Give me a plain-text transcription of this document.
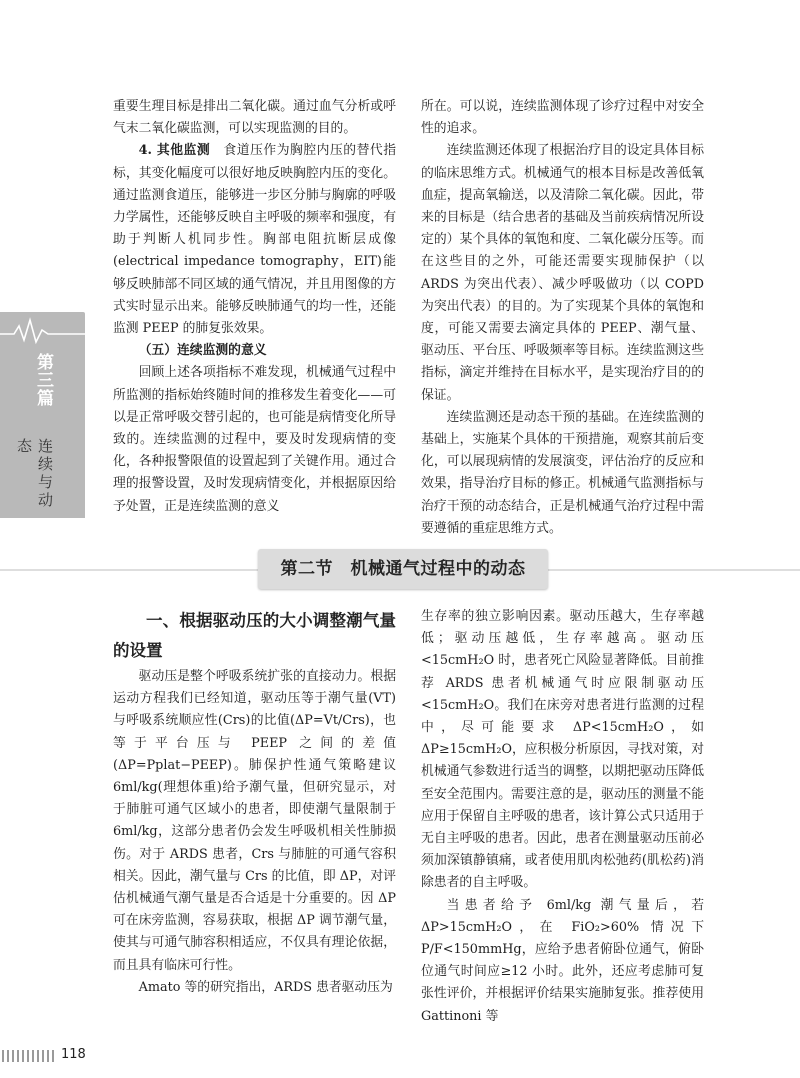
第三篇
连续与动态

重要生理目标是排出二氧化碳。通过血气分析或呼气末二氧化碳监测，可以实现监测的目的。

4. 其他监测　 食道压作为胸腔内压的替代指标，其变化幅度可以很好地反映胸腔内压的变化。通过监测食道压，能够进一步区分肺与胸廓的呼吸力学属性，还能够反映自主呼吸的频率和强度，有助于判断人机同步性。胸部电阻抗断层成像(electrical impedance tomography，EIT)能够反映肺部不同区域的通气情况，并且用图像的方式实时显示出来。能够反映肺通气的均一性，还能监测 PEEP 的肺复张效果。

（五）连续监测的意义

回顾上述各项指标不难发现，机械通气过程中所监测的指标始终随时间的推移发生着变化——可以是正常呼吸交替引起的，也可能是病情变化所导致的。连续监测的过程中，要及时发现病情的变化，各种报警限值的设置起到了关键作用。通过合理的报警设置，及时发现病情变化，并根据原因给予处置，正是连续监测的意义

所在。可以说，连续监测体现了诊疗过程中对安全性的追求。

连续监测还体现了根据治疗目的设定具体目标的临床思维方式。机械通气的根本目标是改善低氧血症，提高氧输送，以及清除二氧化碳。因此，带来的目标是（结合患者的基础及当前疾病情况所设定的）某个具体的氧饱和度、二氧化碳分压等。而在这些目的之外，可能还需要实现肺保护（以 ARDS 为突出代表）、减少呼吸做功（以 COPD 为突出代表）的目的。为了实现某个具体的氧饱和度，可能又需要去滴定具体的 PEEP、潮气量、驱动压、平台压、呼吸频率等目标。连续监测这些指标，滴定并维持在目标水平，是实现治疗目的的保证。

连续监测还是动态干预的基础。在连续监测的基础上，实施某个具体的干预措施，观察其前后变化，可以展现病情的发展演变，评估治疗的反应和效果，指导治疗目标的修正。机械通气监测指标与治疗干预的动态结合，正是机械通气治疗过程中需要遵循的重症思维方式。

第二节　机械通气过程中的动态

一、根据驱动压的大小调整潮气量的设置

驱动压是整个呼吸系统扩张的直接动力。根据运动方程我们已经知道，驱动压等于潮气量(VT)与呼吸系统顺应性(Crs)的比值(ΔP=Vt/Crs)，也等于平台压与 PEEP 之间的差值(ΔP=Pplat−PEEP)。肺保护性通气策略建议 6ml/kg(理想体重)给予潮气量，但研究显示，对于肺脏可通气区域小的患者，即使潮气量限制于 6ml/kg，这部分患者仍会发生呼吸机相关性肺损伤。对于 ARDS 患者，Crs 与肺脏的可通气容积相关。因此，潮气量与 Crs 的比值，即 ΔP，对评估机械通气潮气量是否合适是十分重要的。因 ΔP 可在床旁监测，容易获取，根据 ΔP 调节潮气量，使其与可通气肺容积相适应，不仅具有理论依据，而且具有临床可行性。

Amato 等的研究指出，ARDS 患者驱动压为

生存率的独立影响因素。驱动压越大，生存率越低；驱动压越低，生存率越高。驱动压<15cmH₂O 时，患者死亡风险显著降低。目前推荐 ARDS 患者机械通气时应限制驱动压<15cmH₂O。我们在床旁对患者进行监测的过程中，尽可能要求 ΔP<15cmH₂O，如 ΔP≥15cmH₂O，应积极分析原因，寻找对策，对机械通气参数进行适当的调整，以期把驱动压降低至安全范围内。需要注意的是，驱动压的测量不能应用于保留自主呼吸的患者，该计算公式只适用于无自主呼吸的患者。因此，患者在测量驱动压前必须加深镇静镇痛，或者使用肌肉松弛药(肌松药)消除患者的自主呼吸。

当患者给予 6ml/kg 潮气量后，若 ΔP>15cmH₂O，在 FiO₂>60% 情况下 P/F<150mmHg，应给予患者俯卧位通气，俯卧位通气时间应≥12 小时。此外，还应考虑肺可复张性评价，并根据评价结果实施肺复张。推荐使用 Gattinoni 等

118
